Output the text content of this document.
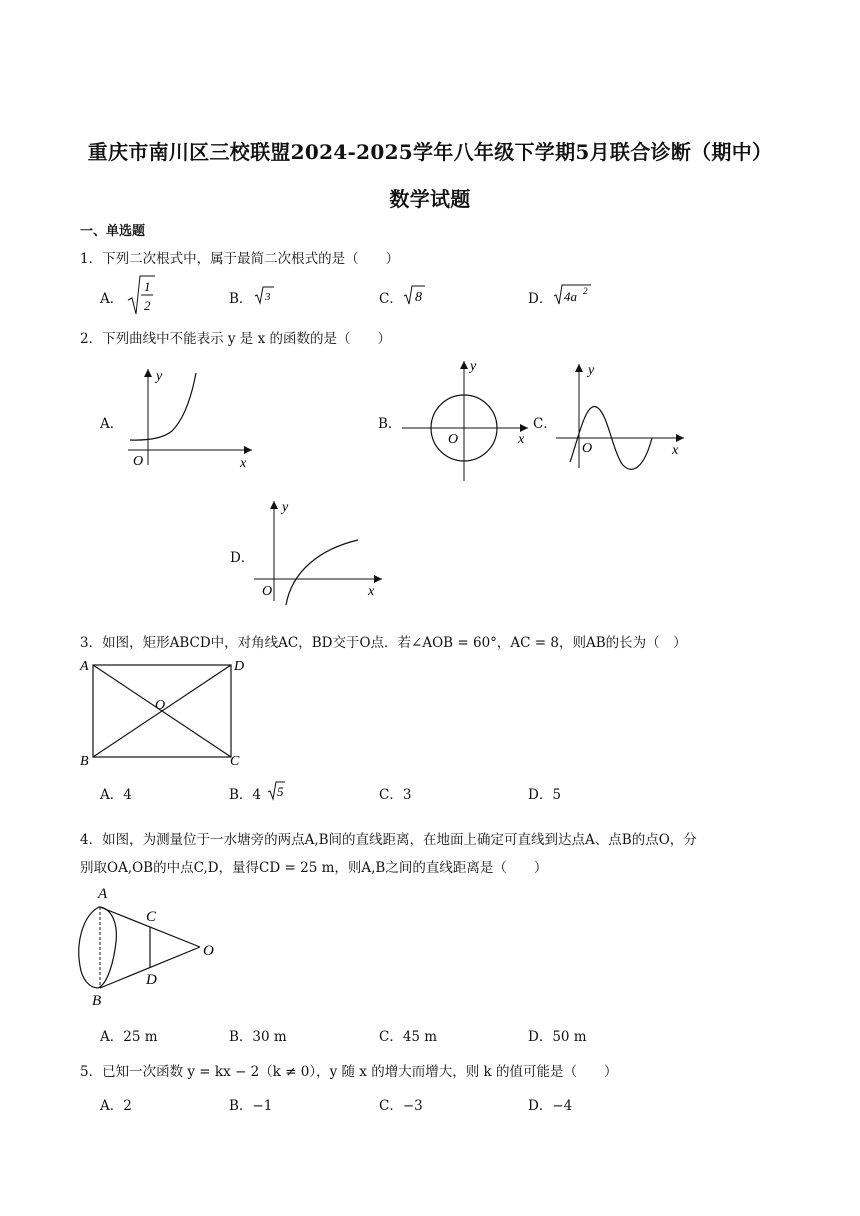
重庆市南川区三校联盟2024-2025学年八年级下学期5月联合诊断（期中）
数学试题
一、单选题
1．下列二次根式中，属于最简二次根式的是（　　）
A．
1
2	B． 3	C． 8	D． 4a 2
2．下列曲线中不能表示 y 是 x 的函数的是（　　）
A．
O	x
y
B．
O	x
y
C．
O	x
y
D．
O	x
y
3．如图，矩形ABCD中，对角线AC，BD交于O点．若∠AOB = 60°，AC = 8，则AB的长为（　）
A	D
B	C
O
A．4	B．4 5	C．3	D．5
4．如图，为测量位于一水塘旁的两点A,B间的直线距离，在地面上确定可直线到达点A、点B的点O，分
别取OA,OB的中点C,D，量得CD = 25 m，则A,B之间的直线距离是（　　）
A
B
C
D
O
A．25 m	B．30 m	C．45 m	D．50 m
5．已知一次函数 y = kx − 2（k ≠ 0），y 随 x 的增大而增大，则 k 的值可能是（　　）
A．2	B．−1	C．−3	D．−4
